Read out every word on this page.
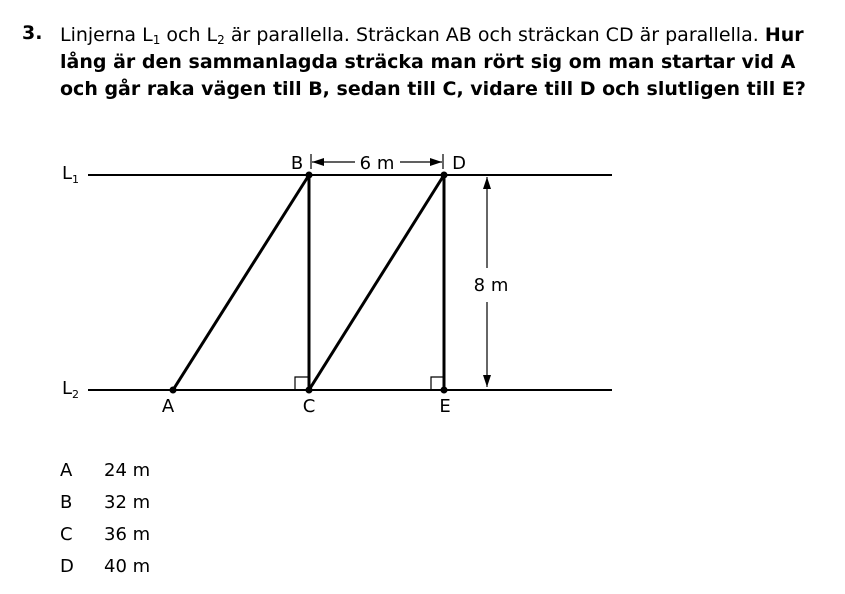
3. Linjerna $L_1$ och $L_2$ är parallella. Sträckan AB och sträckan CD är parallella. Hur lång är den sammanlagda sträcka man rört sig om man startar vid A och går raka vägen till B, sedan till C, vidare till D och slutligen till E?
$L_1$
$L_2$
A
B
C
D
E
6 m
8 m
A	24 m
B	32 m
C	36 m
D	40 m
